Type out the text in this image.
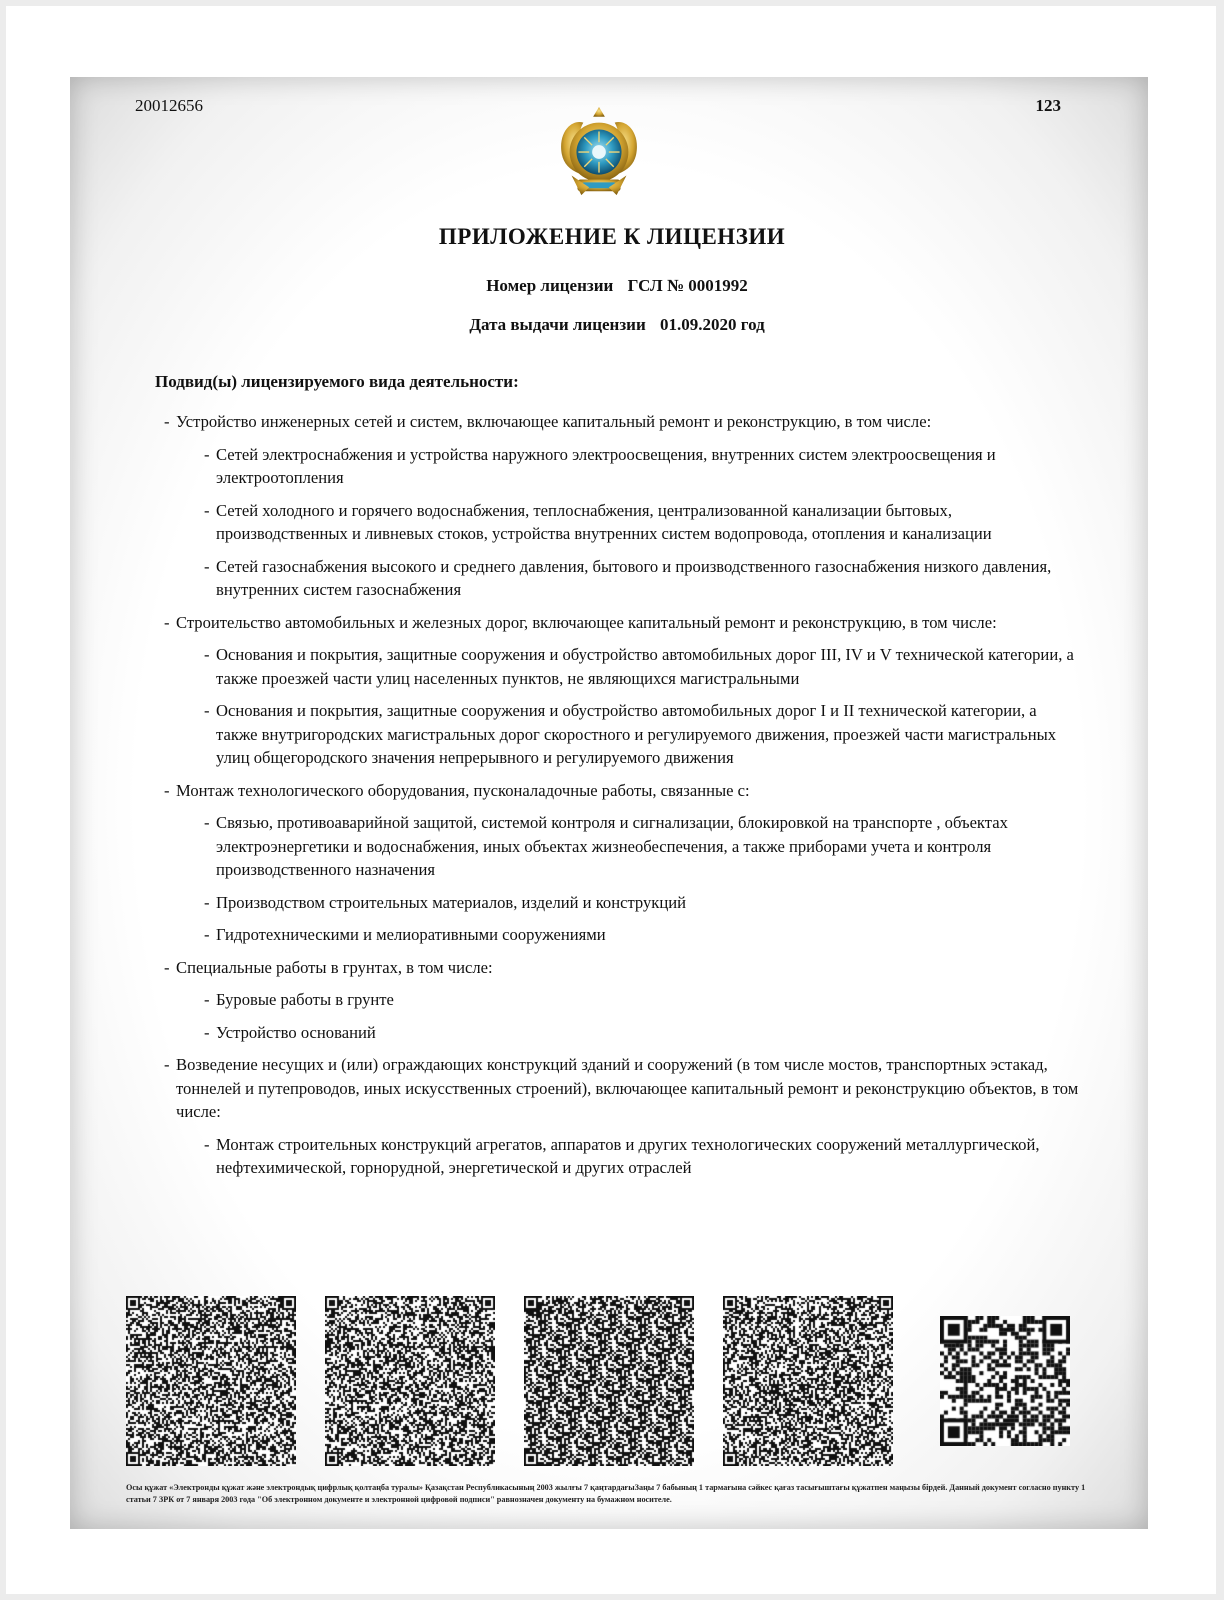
20012656	123
ПРИЛОЖЕНИЕ К ЛИЦЕНЗИИ
Номер лицензии ГСЛ № 0001992
Дата выдачи лицензии 01.09.2020 год
Подвид(ы) лицензируемого вида деятельности:
- Устройство инженерных сетей и систем, включающее капитальный ремонт и реконструкцию, в том числе:
- Сетей электроснабжения и устройства наружного электроосвещения, внутренних систем электроосвещения и электроотопления
- Сетей холодного и горячего водоснабжения, теплоснабжения, централизованной канализации бытовых, производственных и ливневых стоков, устройства внутренних систем водопровода, отопления и канализации
- Сетей газоснабжения высокого и среднего давления, бытового и производственного газоснабжения низкого давления, внутренних систем газоснабжения
- Строительство автомобильных и железных дорог, включающее капитальный ремонт и реконструкцию, в том числе:
- Основания и покрытия, защитные сооружения и обустройство автомобильных дорог III, IV и V технической категории, а также проезжей части улиц населенных пунктов, не являющихся магистральными
- Основания и покрытия, защитные сооружения и обустройство автомобильных дорог I и II технической категории, а также внутригородских магистральных дорог скоростного и регулируемого движения, проезжей части магистральных улиц общегородского значения непрерывного и регулируемого движения
- Монтаж технологического оборудования, пусконаладочные работы, связанные с:
- Связью, противоаварийной защитой, системой контроля и сигнализации, блокировкой на транспорте , объектах электроэнергетики и водоснабжения, иных объектах жизнеобеспечения, а также приборами учета и контроля производственного назначения
- Производством строительных материалов, изделий и конструкций
- Гидротехническими и мелиоративными сооружениями
- Специальные работы в грунтах, в том числе:
- Буровые работы в грунте
- Устройство оснований
- Возведение несущих и (или) ограждающих конструкций зданий и сооружений (в том числе мостов, транспортных эстакад, тоннелей и путепроводов, иных искусственных строений), включающее капитальный ремонт и реконструкцию объектов, в том числе:
- Монтаж строительных конструкций агрегатов, аппаратов и других технологических сооружений металлургической, нефтехимической, горнорудной, энергетической и других отраслей
Осы құжат «Электронды құжат және электрондық цифрлық қолтаңба туралы» Қазақстан Республикасының 2003 жылғы 7 қаңтардағыЗаңы 7 бабының 1 тармағына сәйкес қағаз тасығыштағы құжатпен маңызы бірдей. Данный документ согласно пункту 1 статьи 7 ЗРК от 7 января 2003 года "Об электронном документе и электронной цифровой подписи" равнозначен документу на бумажном носителе.
